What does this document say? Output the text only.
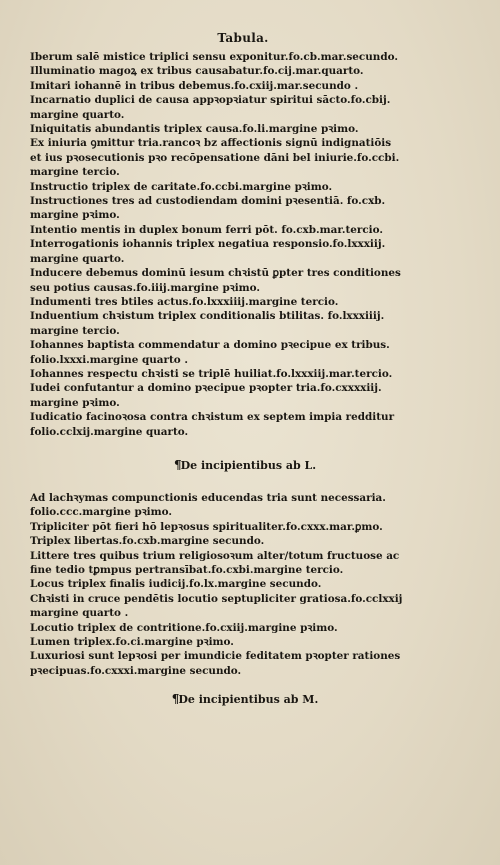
Tabula.
Iberum salē mistice triplici sensu exponitur.fo.cb.mar.secundo.
Illuminatio magoꝝ ex tribus causabatur.fo.cij.mar.quarto.
Imitari iohannē in tribus debemus.fo.cxiij.mar.secundo .
Incarnatio duplici de causa appꝛopꝛiatur spiritui sācto.fo.cbij.
margine quarto.
Iniquitatis abundantis triplex causa.fo.li.margine pꝛimo.
Ex iniuria ꝯmittur tria.rancoꝛ bz affectionis signū indignatiōis
et ius pꝛosecutionis pꝛo recōpensatione dāni bel iniurie.fo.ccbi.
margine tercio.
Instructio triplex de caritate.fo.ccbi.margine pꝛimo.
Instructiones tres ad custodiendam domini pꝛesentiā. fo.cxb.
margine pꝛimo.
Intentio mentis in duplex bonum ferri pōt. fo.cxb.mar.tercio.
Interrogationis iohannis triplex negatiua responsio.fo.lxxxiij.
margine quarto.
Inducere debemus dominū iesum chꝛistū ꝑpter tres conditiones
seu potius causas.fo.iiij.margine pꝛimo.
Indumenti tres btiles actus.fo.lxxxiiij.margine tercio.
Induentium chꝛistum triplex conditionalis btilitas. fo.lxxxiiij.
margine tercio.
Iohannes baptista commendatur a domino pꝛecipue ex tribus.
folio.lxxxi.margine quarto .
Iohannes respectu chꝛisti se triplē huiliat.fo.lxxxiij.mar.tercio.
Iudei confutantur a domino pꝛecipue pꝛopter tria.fo.cxxxxiij.
margine pꝛimo.
Iudicatio facinoꝛosa contra chꝛistum ex septem impia redditur
folio.cclxij.margine quarto.
¶De incipientibus ab L.
Ad lachꝛymas compunctionis educendas tria sunt necessaria.
folio.ccc.margine pꝛimo.
Tripliciter pōt fieri hō lepꝛosus spiritualiter.fo.cxxx.mar.ꝑmo.
Triplex libertas.fo.cxb.margine secundo.
Littere tres quibus trium religiosoꝛum alter/totum fructuose ac
fine tedio tꝑmpus pertransībat.fo.cxbi.margine tercio.
Locus triplex finalis iudicij.fo.lx.margine secundo.
Chꝛisti in cruce pendētis locutio septupliciter gratiosa.fo.cclxxij
margine quarto .
Locutio triplex de contritione.fo.cxiij.margine pꝛimo.
Lumen triplex.fo.ci.margine pꝛimo.
Luxuriosi sunt lepꝛosi per imundicie feditatem pꝛopter rationes
pꝛecipuas.fo.cxxxi.margine secundo.
¶De incipientibus ab M.
